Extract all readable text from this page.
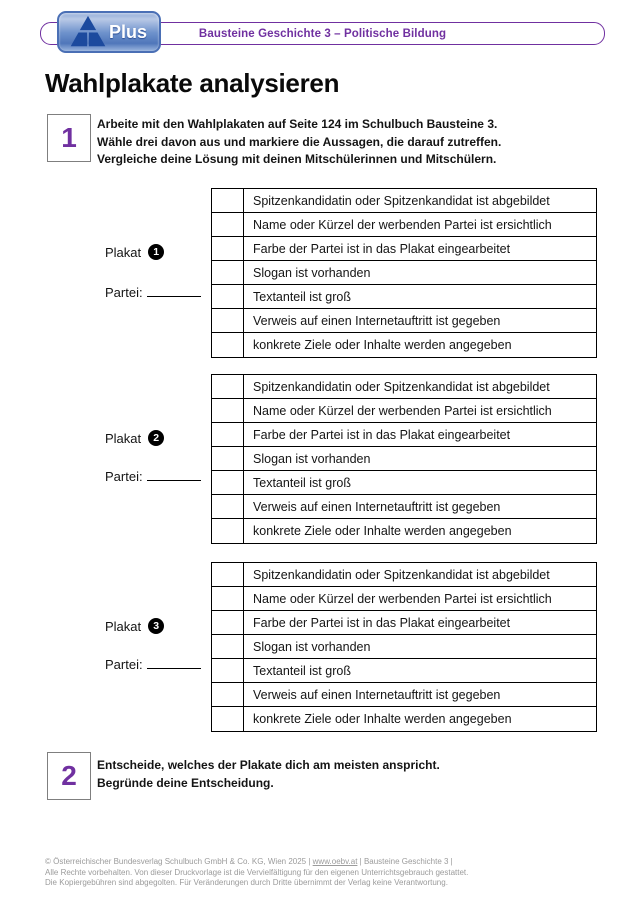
Bausteine Geschichte 3 – Politische Bildung
Plus
Wahlplakate analysieren
1 Arbeite mit den Wahlplakaten auf Seite 124 im Schulbuch Bausteine 3.
Wähle drei davon aus und markiere die Aussagen, die darauf zutreffen.
Vergleiche deine Lösung mit deinen Mitschülerinnen und Mitschülern.
Plakat	1
Partei:
Spitzenkandidatin oder Spitzenkandidat ist abgebildet
Name oder Kürzel der werbenden Partei ist ersichtlich
Farbe der Partei ist in das Plakat eingearbeitet
Slogan ist vorhanden
Textanteil ist groß
Verweis auf einen Internetauftritt ist gegeben
konkrete Ziele oder Inhalte werden angegeben
Plakat	2
Partei:
Spitzenkandidatin oder Spitzenkandidat ist abgebildet
Name oder Kürzel der werbenden Partei ist ersichtlich
Farbe der Partei ist in das Plakat eingearbeitet
Slogan ist vorhanden
Textanteil ist groß
Verweis auf einen Internetauftritt ist gegeben
konkrete Ziele oder Inhalte werden angegeben
Plakat	3
Partei:
Spitzenkandidatin oder Spitzenkandidat ist abgebildet
Name oder Kürzel der werbenden Partei ist ersichtlich
Farbe der Partei ist in das Plakat eingearbeitet
Slogan ist vorhanden
Textanteil ist groß
Verweis auf einen Internetauftritt ist gegeben
konkrete Ziele oder Inhalte werden angegeben
2 Entscheide, welches der Plakate dich am meisten anspricht.
Begründe deine Entscheidung.
© Österreichischer Bundesverlag Schulbuch GmbH & Co. KG, Wien 2025 | www.oebv.at | Bausteine Geschichte 3 |
Alle Rechte vorbehalten. Von dieser Druckvorlage ist die Vervielfältigung für den eigenen Unterrichtsgebrauch gestattet.
Die Kopiergebühren sind abgegolten. Für Veränderungen durch Dritte übernimmt der Verlag keine Verantwortung.
